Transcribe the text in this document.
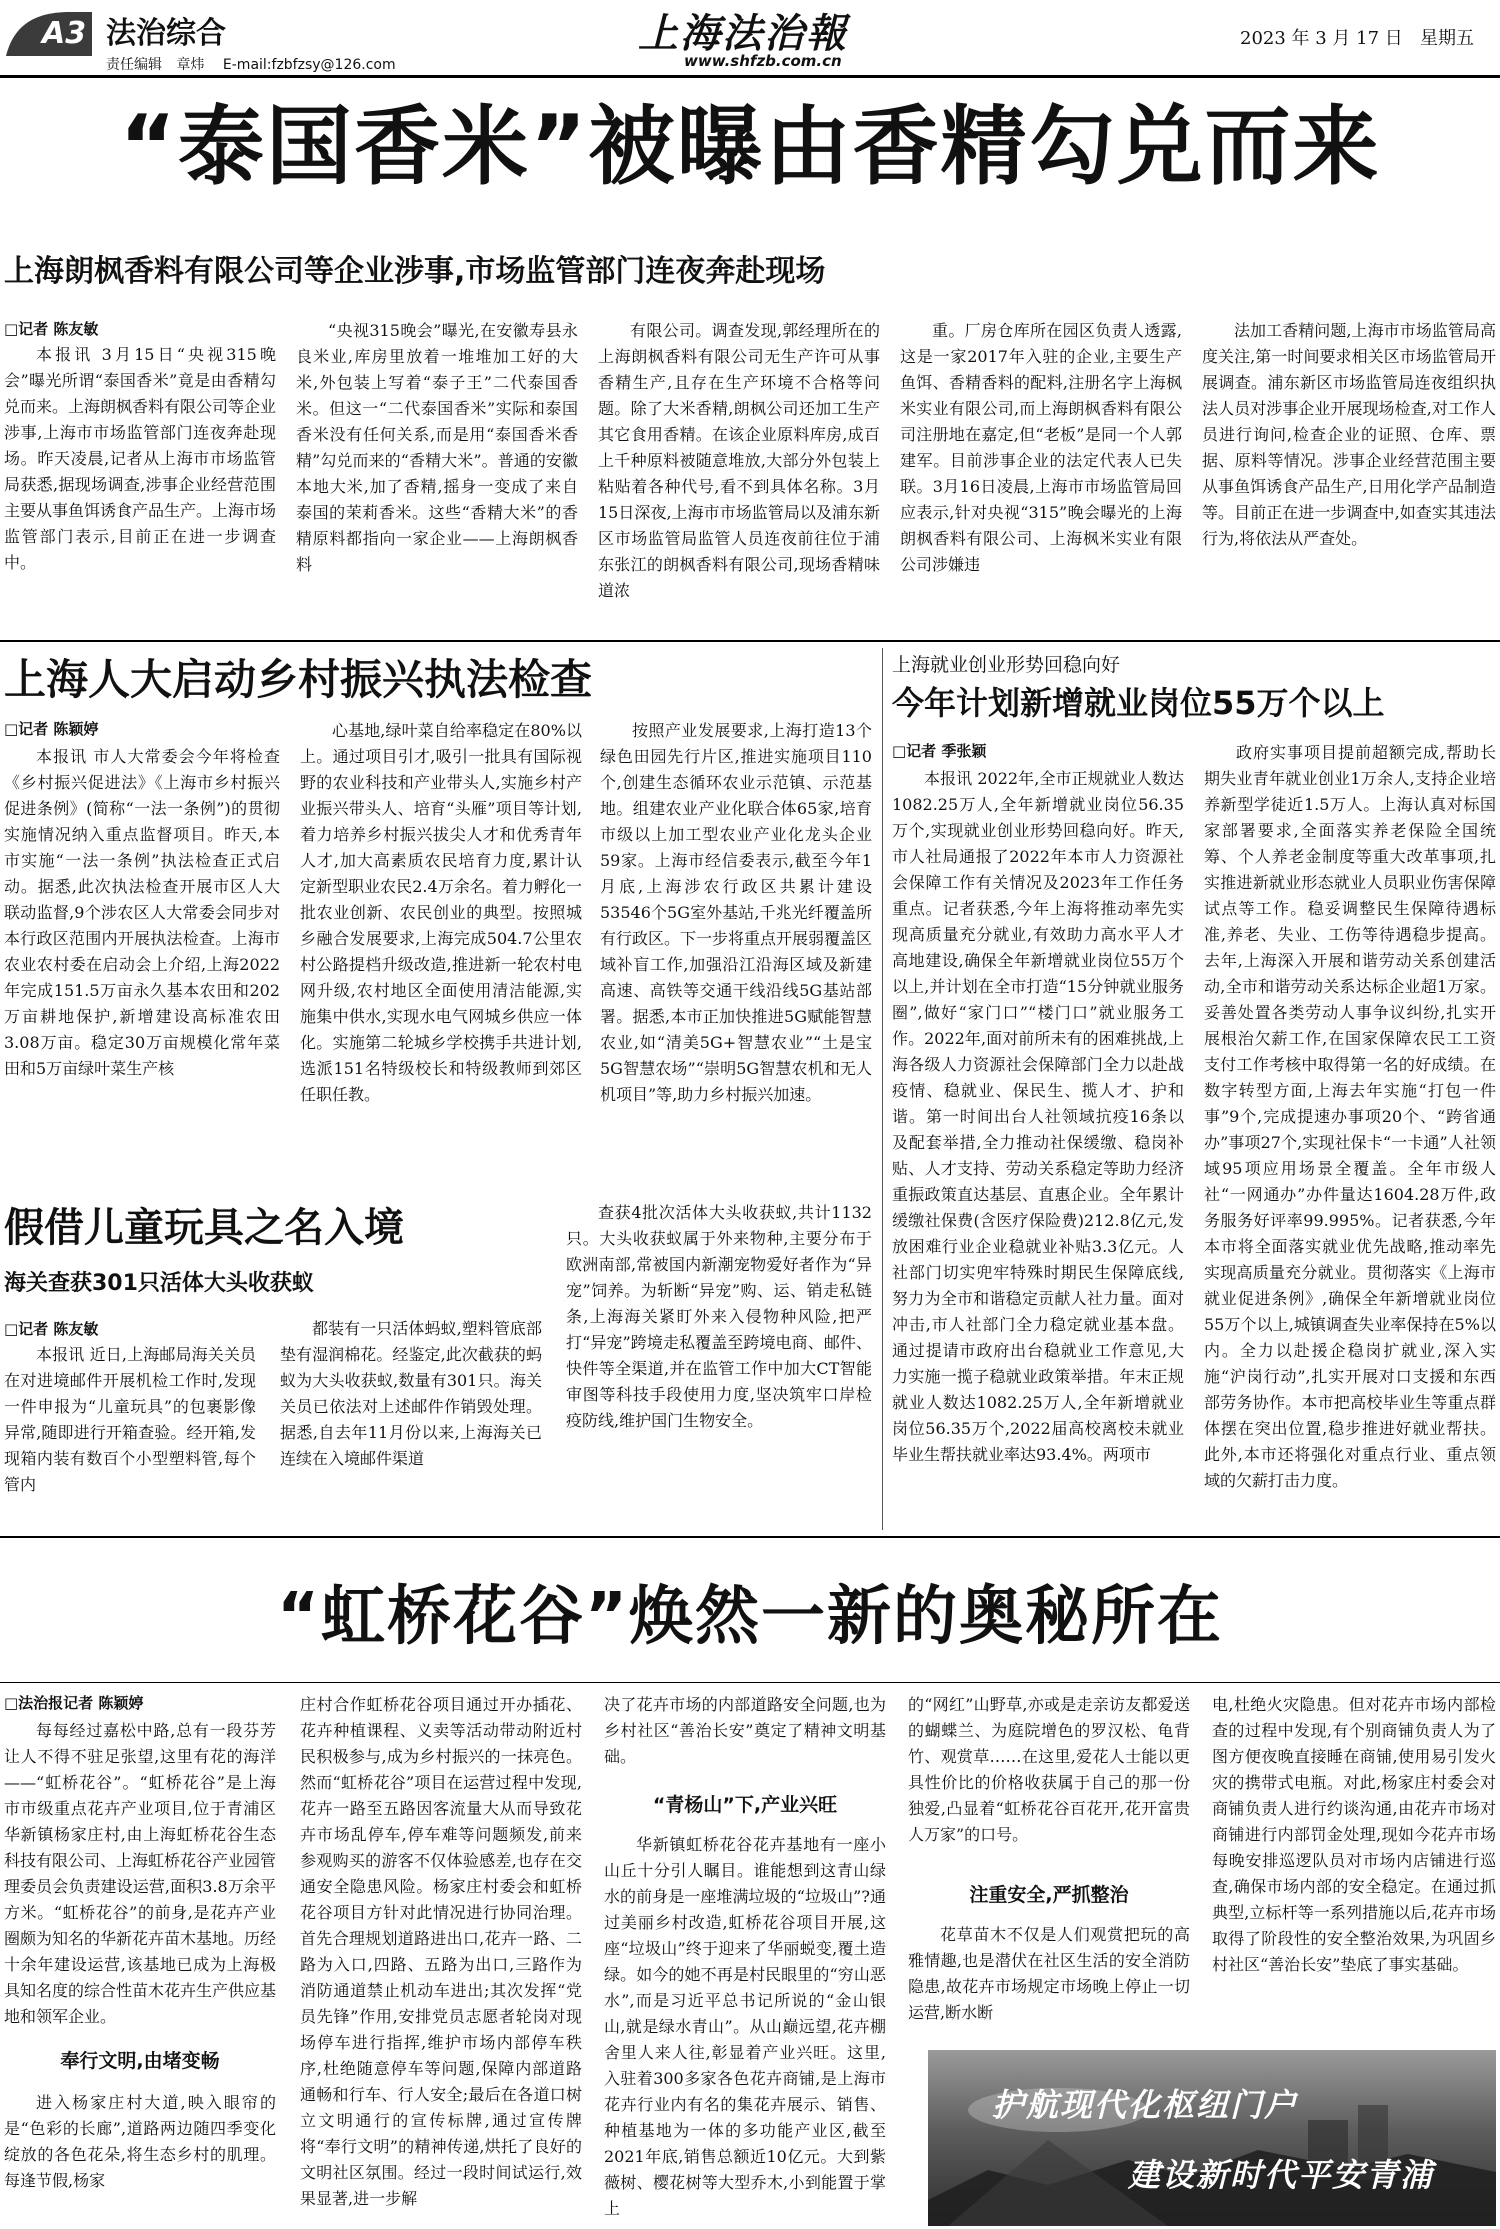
A3 法治综合
责任编辑 章炜 E-mail:fzbfzsy@126.com
上海法治報
www.shfzb.com.cn
2023 年 3 月 17 日 星期五
“泰国香米”被曝由香精勾兑而来
上海朗枫香料有限公司等企业涉事,市场监管部门连夜奔赴现场
□记者 陈友敏

本报讯 3月15日“央视315晚会”曝光所谓“泰国香米”竟是由香精勾兑而来。上海朗枫香料有限公司等企业涉事,上海市市场监管部门连夜奔赴现场。昨天凌晨,记者从上海市市场监管局获悉,据现场调查,涉事企业经营范围主要从事鱼饵诱食产品生产。上海市场监管部门表示,目前正在进一步调查中。

“央视315晚会”曝光,在安徽寿县永良米业,库房里放着一堆堆加工好的大米,外包装上写着“泰子王”二代泰国香米。但这一“二代泰国香米”实际和泰国香米没有任何关系,而是用“泰国香米香精”勾兑而来的“香精大米”。普通的安徽本地大米,加了香精,摇身一变成了来自泰国的茉莉香米。这些“香精大米”的香精原料都指向一家企业——上海朗枫香料

有限公司。调查发现,郭经理所在的上海朗枫香料有限公司无生产许可从事香精生产,且存在生产环境不合格等问题。除了大米香精,朗枫公司还加工生产其它食用香精。在该企业原料库房,成百上千种原料被随意堆放,大部分外包装上粘贴着各种代号,看不到具体名称。3月15日深夜,上海市市场监管局以及浦东新区市场监管局监管人员连夜前往位于浦东张江的朗枫香料有限公司,现场香精味道浓

重。厂房仓库所在园区负责人透露,这是一家2017年入驻的企业,主要生产鱼饵、香精香料的配料,注册名字上海枫米实业有限公司,而上海朗枫香料有限公司注册地在嘉定,但“老板”是同一个人郭建军。目前涉事企业的法定代表人已失联。3月16日凌晨,上海市市场监管局回应表示,针对央视“315”晚会曝光的上海朗枫香料有限公司、上海枫米实业有限公司涉嫌违

法加工香精问题,上海市市场监管局高度关注,第一时间要求相关区市场监管局开展调查。浦东新区市场监管局连夜组织执法人员对涉事企业开展现场检查,对工作人员进行询问,检查企业的证照、仓库、票据、原料等情况。涉事企业经营范围主要从事鱼饵诱食产品生产,日用化学产品制造等。目前正在进一步调查中,如查实其违法行为,将依法从严查处。

上海人大启动乡村振兴执法检查
□记者 陈颖婷

本报讯 市人大常委会今年将检查《乡村振兴促进法》《上海市乡村振兴促进条例》(简称“一法一条例”)的贯彻实施情况纳入重点监督项目。昨天,本市实施“一法一条例”执法检查正式启动。据悉,此次执法检查开展市区人大联动监督,9个涉农区人大常委会同步对本行政区范围内开展执法检查。上海市农业农村委在启动会上介绍,上海2022年完成151.5万亩永久基本农田和202万亩耕地保护,新增建设高标准农田3.08万亩。稳定30万亩规模化常年菜田和5万亩绿叶菜生产核

心基地,绿叶菜自给率稳定在80%以上。通过项目引才,吸引一批具有国际视野的农业科技和产业带头人,实施乡村产业振兴带头人、培育“头雁”项目等计划,着力培养乡村振兴拔尖人才和优秀青年人才,加大高素质农民培育力度,累计认定新型职业农民2.4万余名。着力孵化一批农业创新、农民创业的典型。按照城乡融合发展要求,上海完成504.7公里农村公路提档升级改造,推进新一轮农村电网升级,农村地区全面使用清洁能源,实施集中供水,实现水电气网城乡供应一体化。实施第二轮城乡学校携手共进计划,选派151名特级校长和特级教师到郊区任职任教。

按照产业发展要求,上海打造13个绿色田园先行片区,推进实施项目110个,创建生态循环农业示范镇、示范基地。组建农业产业化联合体65家,培育市级以上加工型农业产业化龙头企业59家。上海市经信委表示,截至今年1月底,上海涉农行政区共累计建设53546个5G室外基站,千兆光纤覆盖所有行政区。下一步将重点开展弱覆盖区域补盲工作,加强沿江沿海区域及新建高速、高铁等交通干线沿线5G基站部署。据悉,本市正加快推进5G赋能智慧农业,如“清美5G+智慧农业”“土是宝5G智慧农场”“崇明5G智慧农机和无人机项目”等,助力乡村振兴加速。

假借儿童玩具之名入境
海关查获301只活体大头收获蚁
□记者 陈友敏

本报讯 近日,上海邮局海关关员在对进境邮件开展机检工作时,发现一件申报为“儿童玩具”的包裹影像异常,随即进行开箱查验。经开箱,发现箱内装有数百个小型塑料管,每个管内

都装有一只活体蚂蚁,塑料管底部垫有湿润棉花。经鉴定,此次截获的蚂蚁为大头收获蚁,数量有301只。海关关员已依法对上述邮件作销毁处理。据悉,自去年11月份以来,上海海关已连续在入境邮件渠道

查获4批次活体大头收获蚁,共计1132只。大头收获蚁属于外来物种,主要分布于欧洲南部,常被国内新潮宠物爱好者作为“异宠”饲养。为斩断“异宠”购、运、销走私链条,上海海关紧盯外来入侵物种风险,把严打“异宠”跨境走私覆盖至跨境电商、邮件、快件等全渠道,并在监管工作中加大CT智能审图等科技手段使用力度,坚决筑牢口岸检疫防线,维护国门生物安全。

上海就业创业形势回稳向好
今年计划新增就业岗位55万个以上
□记者 季张颖

本报讯 2022年,全市正规就业人数达1082.25万人,全年新增就业岗位56.35万个,实现就业创业形势回稳向好。昨天,市人社局通报了2022年本市人力资源社会保障工作有关情况及2023年工作任务重点。记者获悉,今年上海将推动率先实现高质量充分就业,有效助力高水平人才高地建设,确保全年新增就业岗位55万个以上,并计划在全市打造“15分钟就业服务圈”,做好“家门口”“楼门口”就业服务工作。2022年,面对前所未有的困难挑战,上海各级人力资源社会保障部门全力以赴战疫情、稳就业、保民生、揽人才、护和谐。第一时间出台人社领域抗疫16条以及配套举措,全力推动社保缓缴、稳岗补贴、人才支持、劳动关系稳定等助力经济重振政策直达基层、直惠企业。全年累计缓缴社保费(含医疗保险费)212.8亿元,发放困难行业企业稳就业补贴3.3亿元。人社部门切实兜牢特殊时期民生保障底线,努力为全市和谐稳定贡献人社力量。面对冲击,市人社部门全力稳定就业基本盘。通过提请市政府出台稳就业工作意见,大力实施一揽子稳就业政策举措。年末正规就业人数达1082.25万人,全年新增就业岗位56.35万个,2022届高校离校未就业毕业生帮扶就业率达93.4%。两项市

政府实事项目提前超额完成,帮助长期失业青年就业创业1万余人,支持企业培养新型学徒近1.5万人。上海认真对标国家部署要求,全面落实养老保险全国统筹、个人养老金制度等重大改革事项,扎实推进新就业形态就业人员职业伤害保障试点等工作。稳妥调整民生保障待遇标准,养老、失业、工伤等待遇稳步提高。去年,上海深入开展和谐劳动关系创建活动,全市和谐劳动关系达标企业超1万家。妥善处置各类劳动人事争议纠纷,扎实开展根治欠薪工作,在国家保障农民工工资支付工作考核中取得第一名的好成绩。在数字转型方面,上海去年实施“打包一件事”9个,完成提速办事项20个、“跨省通办”事项27个,实现社保卡“一卡通”人社领域95项应用场景全覆盖。全年市级人社“一网通办”办件量达1604.28万件,政务服务好评率99.995%。记者获悉,今年本市将全面落实就业优先战略,推动率先实现高质量充分就业。贯彻落实《上海市就业促进条例》,确保全年新增就业岗位55万个以上,城镇调查失业率保持在5%以内。全力以赴援企稳岗扩就业,深入实施“沪岗行动”,扎实开展对口支援和东西部劳务协作。本市把高校毕业生等重点群体摆在突出位置,稳步推进好就业帮扶。此外,本市还将强化对重点行业、重点领域的欠薪打击力度。

“虹桥花谷”焕然一新的奥秘所在
□法治报记者 陈颖婷

每每经过嘉松中路,总有一段芬芳让人不得不驻足张望,这里有花的海洋——“虹桥花谷”。“虹桥花谷”是上海市市级重点花卉产业项目,位于青浦区华新镇杨家庄村,由上海虹桥花谷生态科技有限公司、上海虹桥花谷产业园管理委员会负责建设运营,面积3.8万余平方米。“虹桥花谷”的前身,是花卉产业圈颇为知名的华新花卉苗木基地。历经十余年建设运营,该基地已成为上海极具知名度的综合性苗木花卉生产供应基地和领军企业。

奉行文明,由堵变畅

进入杨家庄村大道,映入眼帘的是“色彩的长廊”,道路两边随四季变化绽放的各色花朵,将生态乡村的肌理。每逢节假,杨家

庄村合作虹桥花谷项目通过开办插花、花卉种植课程、义卖等活动带动附近村民积极参与,成为乡村振兴的一抹亮色。然而“虹桥花谷”项目在运营过程中发现,花卉一路至五路因客流量大从而导致花卉市场乱停车,停车难等问题频发,前来参观购买的游客不仅体验感差,也存在交通安全隐患风险。杨家庄村委会和虹桥花谷项目方针对此情况进行协同治理。首先合理规划道路进出口,花卉一路、二路为入口,四路、五路为出口,三路作为消防通道禁止机动车进出;其次发挥“党员先锋”作用,安排党员志愿者轮岗对现场停车进行指挥,维护市场内部停车秩序,杜绝随意停车等问题,保障内部道路通畅和行车、行人安全;最后在各道口树立文明通行的宣传标牌,通过宣传牌将“奉行文明”的精神传递,烘托了良好的文明社区氛围。经过一段时间试运行,效果显著,进一步解

决了花卉市场的内部道路安全问题,也为乡村社区“善治长安”奠定了精神文明基础。

“青杨山”下,产业兴旺

华新镇虹桥花谷花卉基地有一座小山丘十分引人瞩目。谁能想到这青山绿水的前身是一座堆满垃圾的“垃圾山”?通过美丽乡村改造,虹桥花谷项目开展,这座“垃圾山”终于迎来了华丽蜕变,覆土造绿。如今的她不再是村民眼里的“穷山恶水”,而是习近平总书记所说的“金山银山,就是绿水青山”。从山巅远望,花卉棚舍里人来人往,彰显着产业兴旺。这里,入驻着300多家各色花卉商铺,是上海市花卉行业内有名的集花卉展示、销售、种植基地为一体的多功能产业区,截至2021年底,销售总额近10亿元。大到紫薇树、樱花树等大型乔木,小到能置于掌上

的“网红”山野草,亦或是走亲访友都爱送的蝴蝶兰、为庭院增色的罗汉松、龟背竹、观赏草……在这里,爱花人士能以更具性价比的价格收获属于自己的那一份独爱,凸显着“虹桥花谷百花开,花开富贵人万家”的口号。

注重安全,严抓整治

花草苗木不仅是人们观赏把玩的高雅情趣,也是潜伏在社区生活的安全消防隐患,故花卉市场规定市场晚上停止一切运营,断水断

电,杜绝火灾隐患。但对花卉市场内部检查的过程中发现,有个别商铺负责人为了图方便夜晚直接睡在商铺,使用易引发火灾的携带式电瓶。对此,杨家庄村委会对商铺负责人进行约谈沟通,由花卉市场对商铺进行内部罚金处理,现如今花卉市场每晚安排巡逻队员对市场内店铺进行巡查,确保市场内部的安全稳定。在通过抓典型,立标杆等一系列措施以后,花卉市场取得了阶段性的安全整治效果,为巩固乡村社区“善治长安”垫底了事实基础。

护航现代化枢纽门户
建设新时代平安青浦
